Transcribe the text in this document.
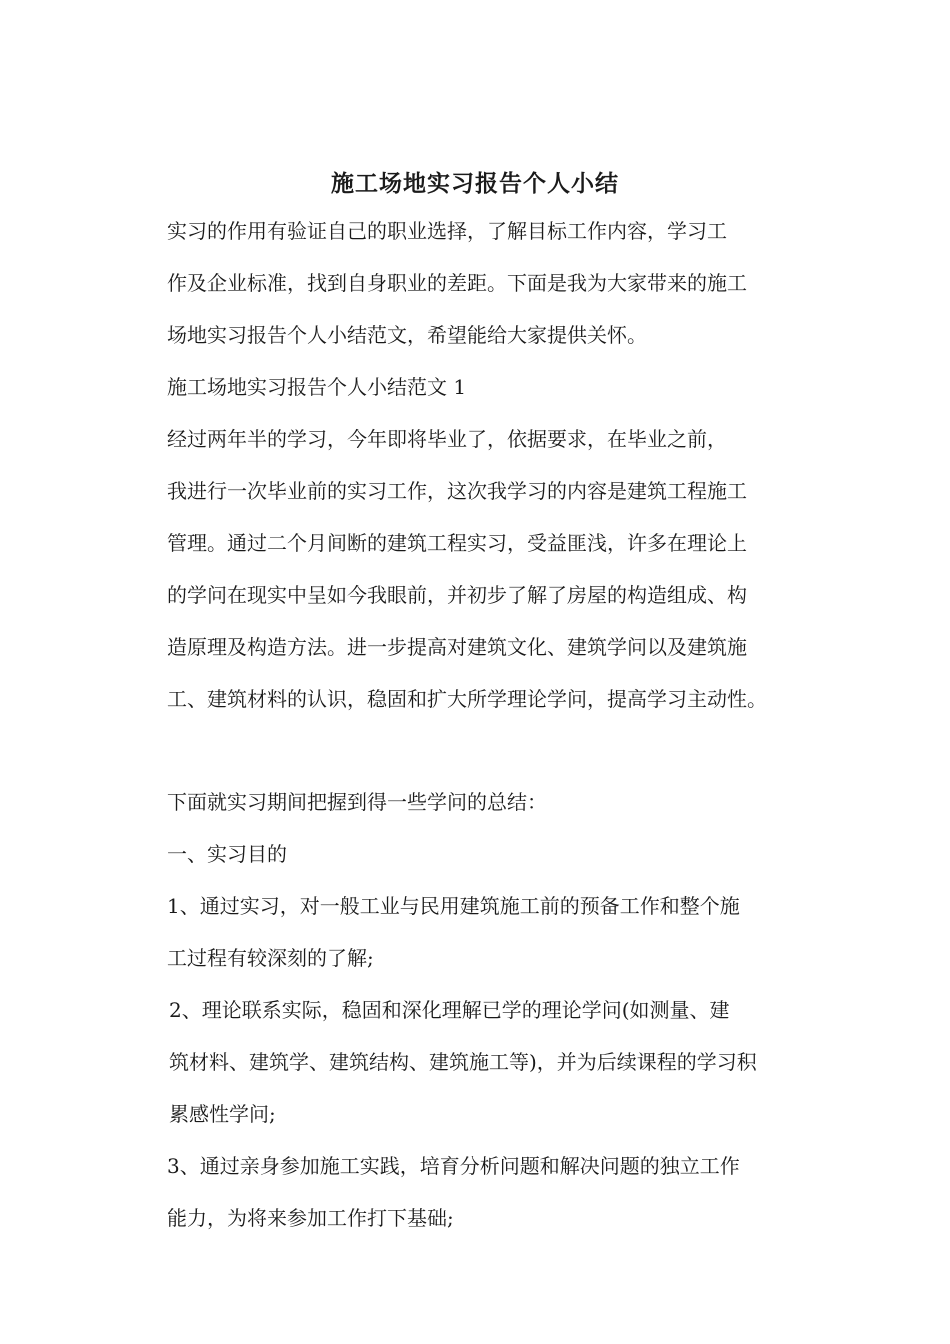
施工场地实习报告个人小结

实习的作用有验证自己的职业选择，了解目标工作内容，学习工
作及企业标准，找到自身职业的差距。下面是我为大家带来的施工
场地实习报告个人小结范文，希望能给大家提供关怀。

施工场地实习报告个人小结范文 1

经过两年半的学习，今年即将毕业了，依据要求，在毕业之前，
我进行一次毕业前的实习工作，这次我学习的内容是建筑工程施工
管理。通过二个月间断的建筑工程实习，受益匪浅，许多在理论上
的学问在现实中呈如今我眼前，并初步了解了房屋的构造组成、构
造原理及构造方法。进一步提高对建筑文化、建筑学问以及建筑施
工、建筑材料的认识，稳固和扩大所学理论学问，提高学习主动性。

下面就实习期间把握到得一些学问的总结：

一、实习目的

1、通过实习，对一般工业与民用建筑施工前的预备工作和整个施
工过程有较深刻的了解;

2、理论联系实际，稳固和深化理解已学的理论学问(如测量、建
筑材料、建筑学、建筑结构、建筑施工等)，并为后续课程的学习积
累感性学问;

3、通过亲身参加施工实践，培育分析问题和解决问题的独立工作
能力，为将来参加工作打下基础;
